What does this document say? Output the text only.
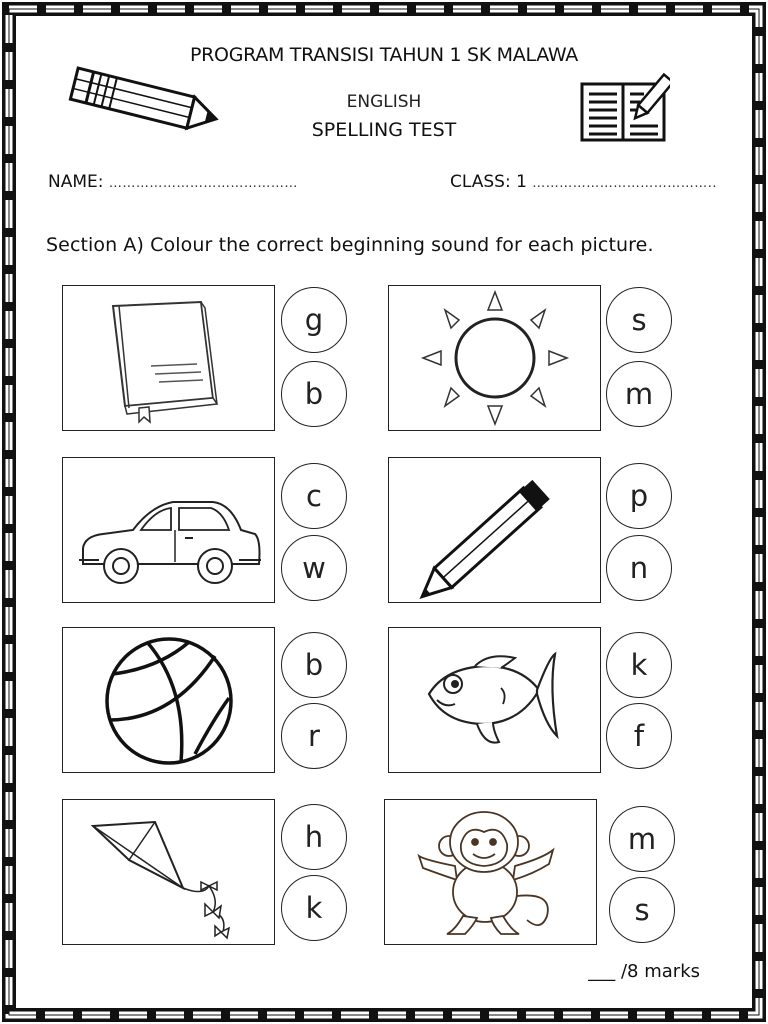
PROGRAM TRANSISI TAHUN 1 SK MALAWA
ENGLISH
SPELLING TEST
NAME: ……………………………………	CLASS: 1 …………………………………..
Section A) Colour the correct beginning sound for each picture.
g
b
s
m
c
w
p
n
b
r
k
f
h
k
m
s
___ /8 marks
